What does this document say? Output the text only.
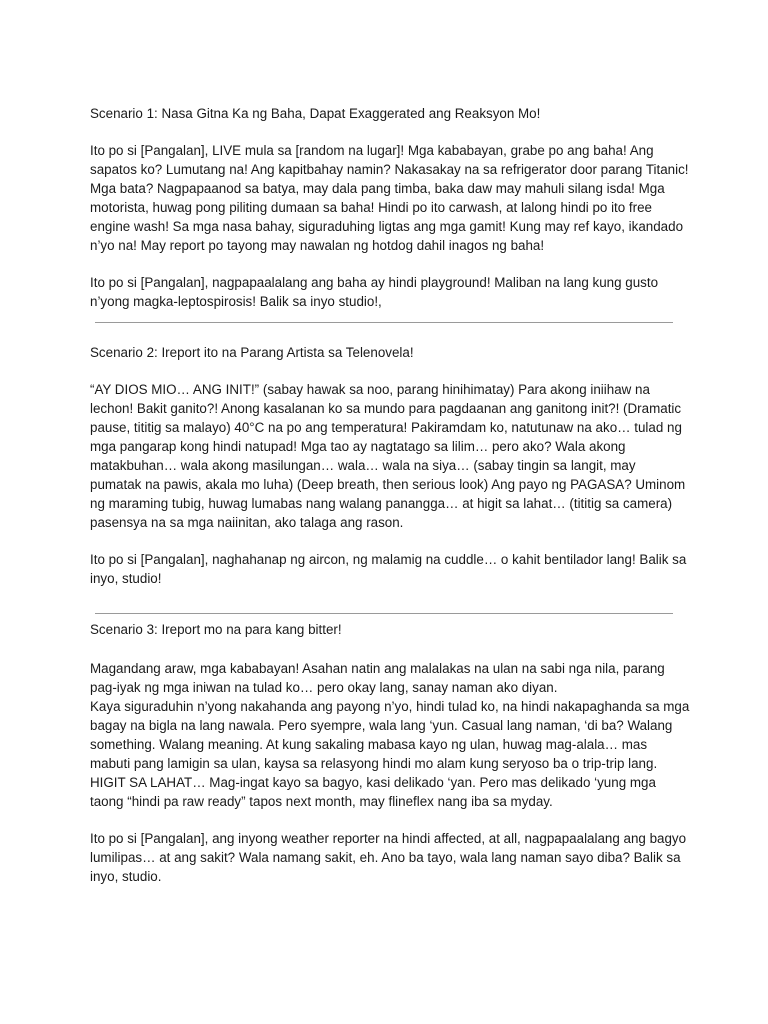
Scenario 1: Nasa Gitna Ka ng Baha, Dapat Exaggerated ang Reaksyon Mo!

Ito po si [Pangalan], LIVE mula sa [random na lugar]! Mga kababayan, grabe po ang baha! Ang sapatos ko? Lumutang na! Ang kapitbahay namin? Nakasakay na sa refrigerator door parang Titanic! Mga bata? Nagpapaanod sa batya, may dala pang timba, baka daw may mahuli silang isda! Mga motorista, huwag pong piliting dumaan sa baha! Hindi po ito carwash, at lalong hindi po ito free engine wash! Sa mga nasa bahay, siguraduhing ligtas ang mga gamit! Kung may ref kayo, ikandado n’yo na! May report po tayong may nawalan ng hotdog dahil inagos ng baha!

Ito po si [Pangalan], nagpapaalalang ang baha ay hindi playground! Maliban na lang kung gusto n’yong magka-leptospirosis! Balik sa inyo studio!,

Scenario 2: Ireport ito na Parang Artista sa Telenovela!

“AY DIOS MIO… ANG INIT!” (sabay hawak sa noo, parang hinihimatay) Para akong iniihaw na lechon! Bakit ganito?! Anong kasalanan ko sa mundo para pagdaanan ang ganitong init?! (Dramatic pause, tititig sa malayo) 40°C na po ang temperatura! Pakiramdam ko, natutunaw na ako… tulad ng mga pangarap kong hindi natupad! Mga tao ay nagtatago sa lilim… pero ako? Wala akong matakbuhan… wala akong masilungan… wala… wala na siya… (sabay tingin sa langit, may pumatak na pawis, akala mo luha) (Deep breath, then serious look) Ang payo ng PAGASA? Uminom ng maraming tubig, huwag lumabas nang walang panangga… at higit sa lahat… (tititig sa camera) pasensya na sa mga naiinitan, ako talaga ang rason.

Ito po si [Pangalan], naghahanap ng aircon, ng malamig na cuddle… o kahit bentilador lang! Balik sa inyo, studio!

Scenario 3: Ireport mo na para kang bitter!

Magandang araw, mga kababayan! Asahan natin ang malalakas na ulan na sabi nga nila, parang pag-iyak ng mga iniwan na tulad ko… pero okay lang, sanay naman ako diyan.

Kaya siguraduhin n’yong nakahanda ang payong n’yo, hindi tulad ko, na hindi nakapaghanda sa mga bagay na bigla na lang nawala. Pero syempre, wala lang ‘yun. Casual lang naman, ‘di ba? Walang something. Walang meaning. At kung sakaling mabasa kayo ng ulan, huwag mag-alala… mas mabuti pang lamigin sa ulan, kaysa sa relasyong hindi mo alam kung seryoso ba o trip-trip lang. HIGIT SA LAHAT… Mag-ingat kayo sa bagyo, kasi delikado ‘yan. Pero mas delikado ‘yung mga taong “hindi pa raw ready” tapos next month, may flineflex nang iba sa myday.

Ito po si [Pangalan], ang inyong weather reporter na hindi affected, at all, nagpapaalalang ang bagyo lumilipas… at ang sakit? Wala namang sakit, eh. Ano ba tayo, wala lang naman sayo diba? Balik sa inyo, studio.
